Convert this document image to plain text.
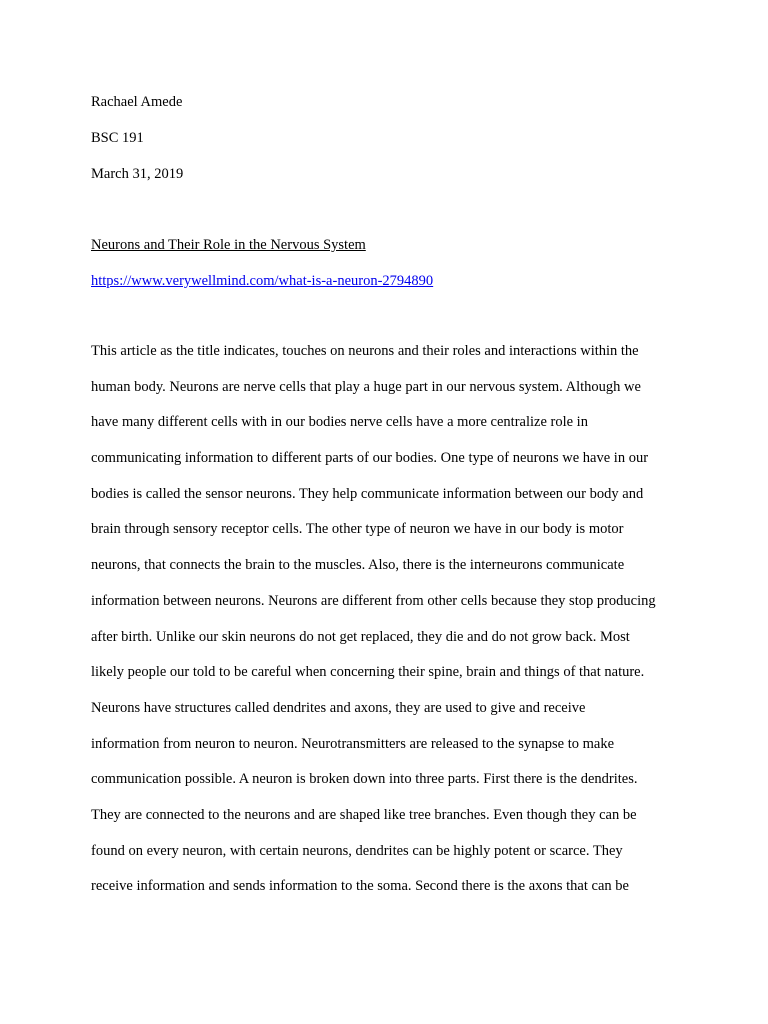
Rachael Amede
BSC 191
March 31, 2019
Neurons and Their Role in the Nervous System
https://www.verywellmind.com/what-is-a-neuron-2794890
This article as the title indicates, touches on neurons and their roles and interactions within the
human body. Neurons are nerve cells that play a huge part in our nervous system. Although we
have many different cells with in our bodies nerve cells have a more centralize role in
communicating information to different parts of our bodies. One type of neurons we have in our
bodies is called the sensor neurons. They help communicate information between our body and
brain through sensory receptor cells. The other type of neuron we have in our body is motor
neurons, that connects the brain to the muscles. Also, there is the interneurons communicate
information between neurons. Neurons are different from other cells because they stop producing
after birth. Unlike our skin neurons do not get replaced, they die and do not grow back. Most
likely people our told to be careful when concerning their spine, brain and things of that nature.
Neurons have structures called dendrites and axons, they are used to give and receive
information from neuron to neuron. Neurotransmitters are released to the synapse to make
communication possible. A neuron is broken down into three parts. First there is the dendrites.
They are connected to the neurons and are shaped like tree branches. Even though they can be
found on every neuron, with certain neurons, dendrites can be highly potent or scarce. They
receive information and sends information to the soma. Second there is the axons that can be
